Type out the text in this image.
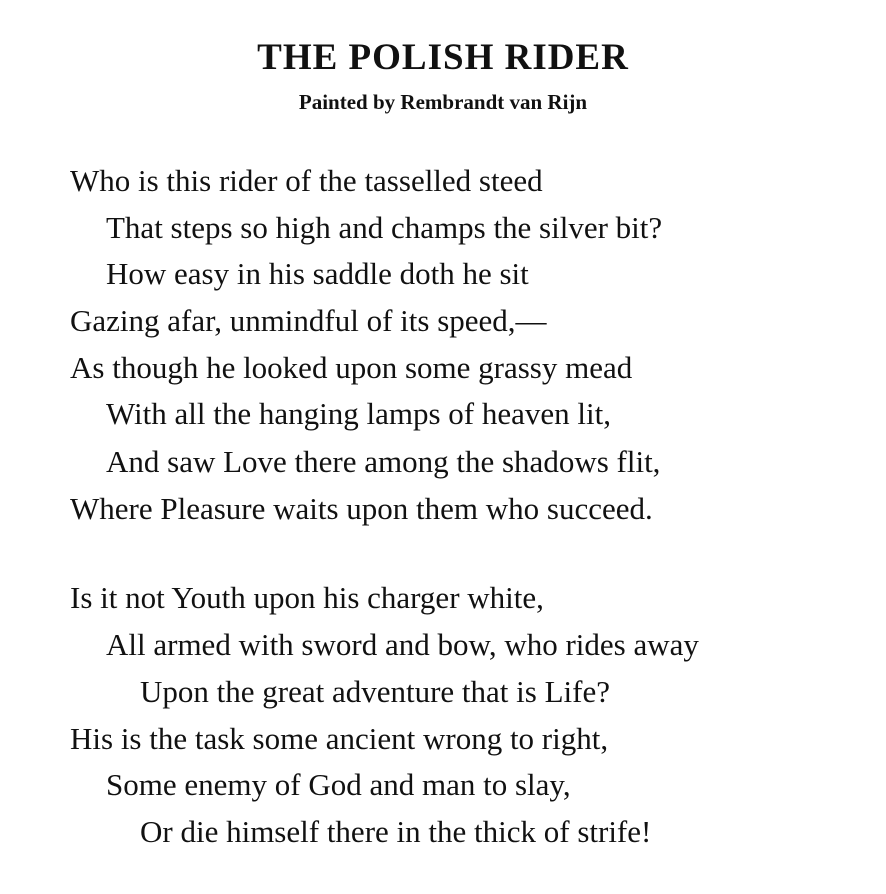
THE POLISH RIDER
Painted by Rembrandt van Rijn

Who is this rider of the tasselled steed

That steps so high and champs the silver bit?

How easy in his saddle doth he sit

Gazing afar, unmindful of its speed,—

As though he looked upon some grassy mead

With all the hanging lamps of heaven lit,

And saw Love there among the shadows flit,

Where Pleasure waits upon them who succeed.

Is it not Youth upon his charger white,

All armed with sword and bow, who rides away

Upon the great adventure that is Life?

His is the task some ancient wrong to right,

Some enemy of God and man to slay,

Or die himself there in the thick of strife!
